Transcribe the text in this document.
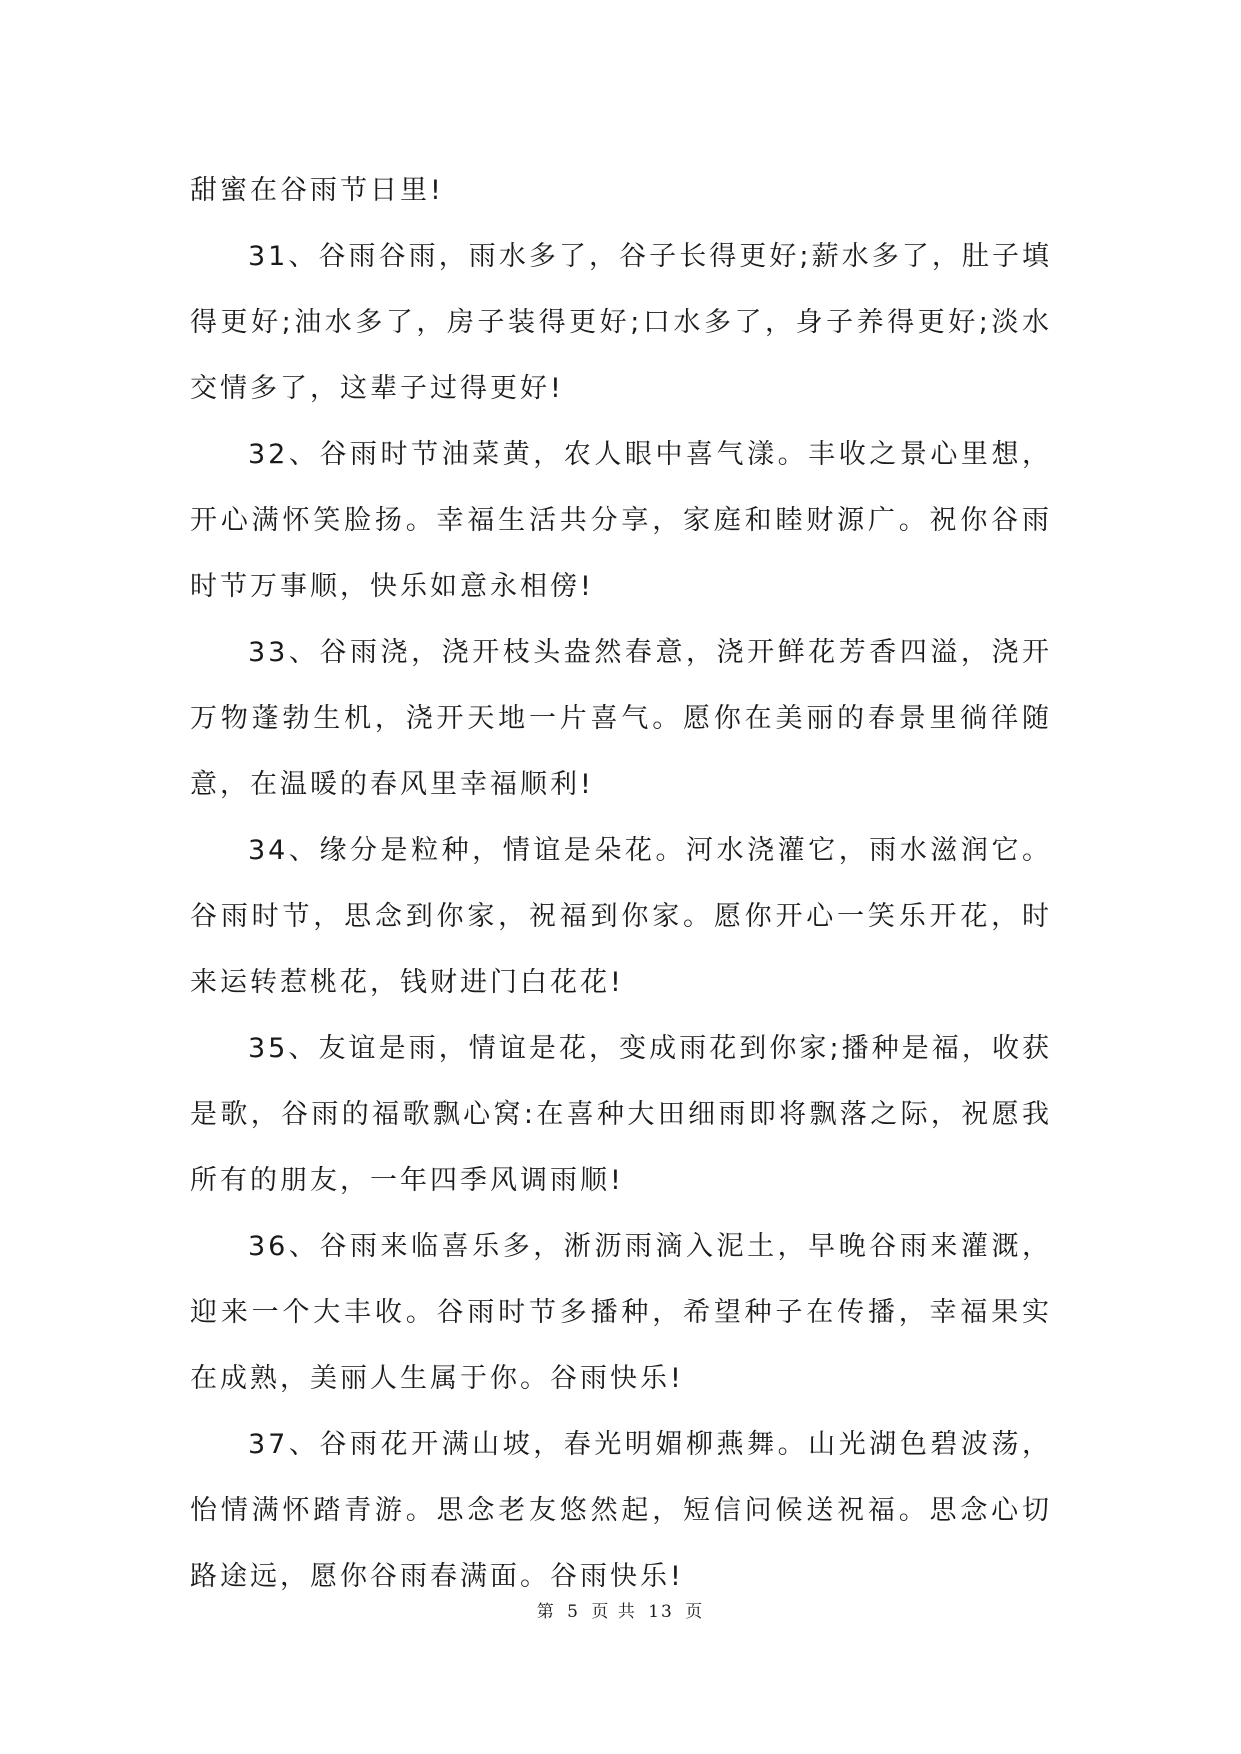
甜蜜在谷雨节日里!

31、谷雨谷雨，雨水多了，谷子长得更好;薪水多了，肚子填得更好;油水多了，房子装得更好;口水多了，身子养得更好;淡水交情多了，这辈子过得更好!

32、谷雨时节油菜黄，农人眼中喜气漾。丰收之景心里想，开心满怀笑脸扬。幸福生活共分享，家庭和睦财源广。祝你谷雨时节万事顺，快乐如意永相傍!

33、谷雨浇，浇开枝头盎然春意，浇开鲜花芳香四溢，浇开万物蓬勃生机，浇开天地一片喜气。愿你在美丽的春景里徜徉随意，在温暖的春风里幸福顺利!

34、缘分是粒种，情谊是朵花。河水浇灌它，雨水滋润它。谷雨时节，思念到你家，祝福到你家。愿你开心一笑乐开花，时来运转惹桃花，钱财进门白花花!

35、友谊是雨，情谊是花，变成雨花到你家;播种是福，收获是歌，谷雨的福歌飘心窝:在喜种大田细雨即将飘落之际，祝愿我所有的朋友，一年四季风调雨顺!

36、谷雨来临喜乐多，淅沥雨滴入泥土，早晚谷雨来灌溉，迎来一个大丰收。谷雨时节多播种，希望种子在传播，幸福果实在成熟，美丽人生属于你。谷雨快乐!

37、谷雨花开满山坡，春光明媚柳燕舞。山光湖色碧波荡，怡情满怀踏青游。思念老友悠然起，短信问候送祝福。思念心切路途远，愿你谷雨春满面。谷雨快乐!

第 5 页 共 13 页
